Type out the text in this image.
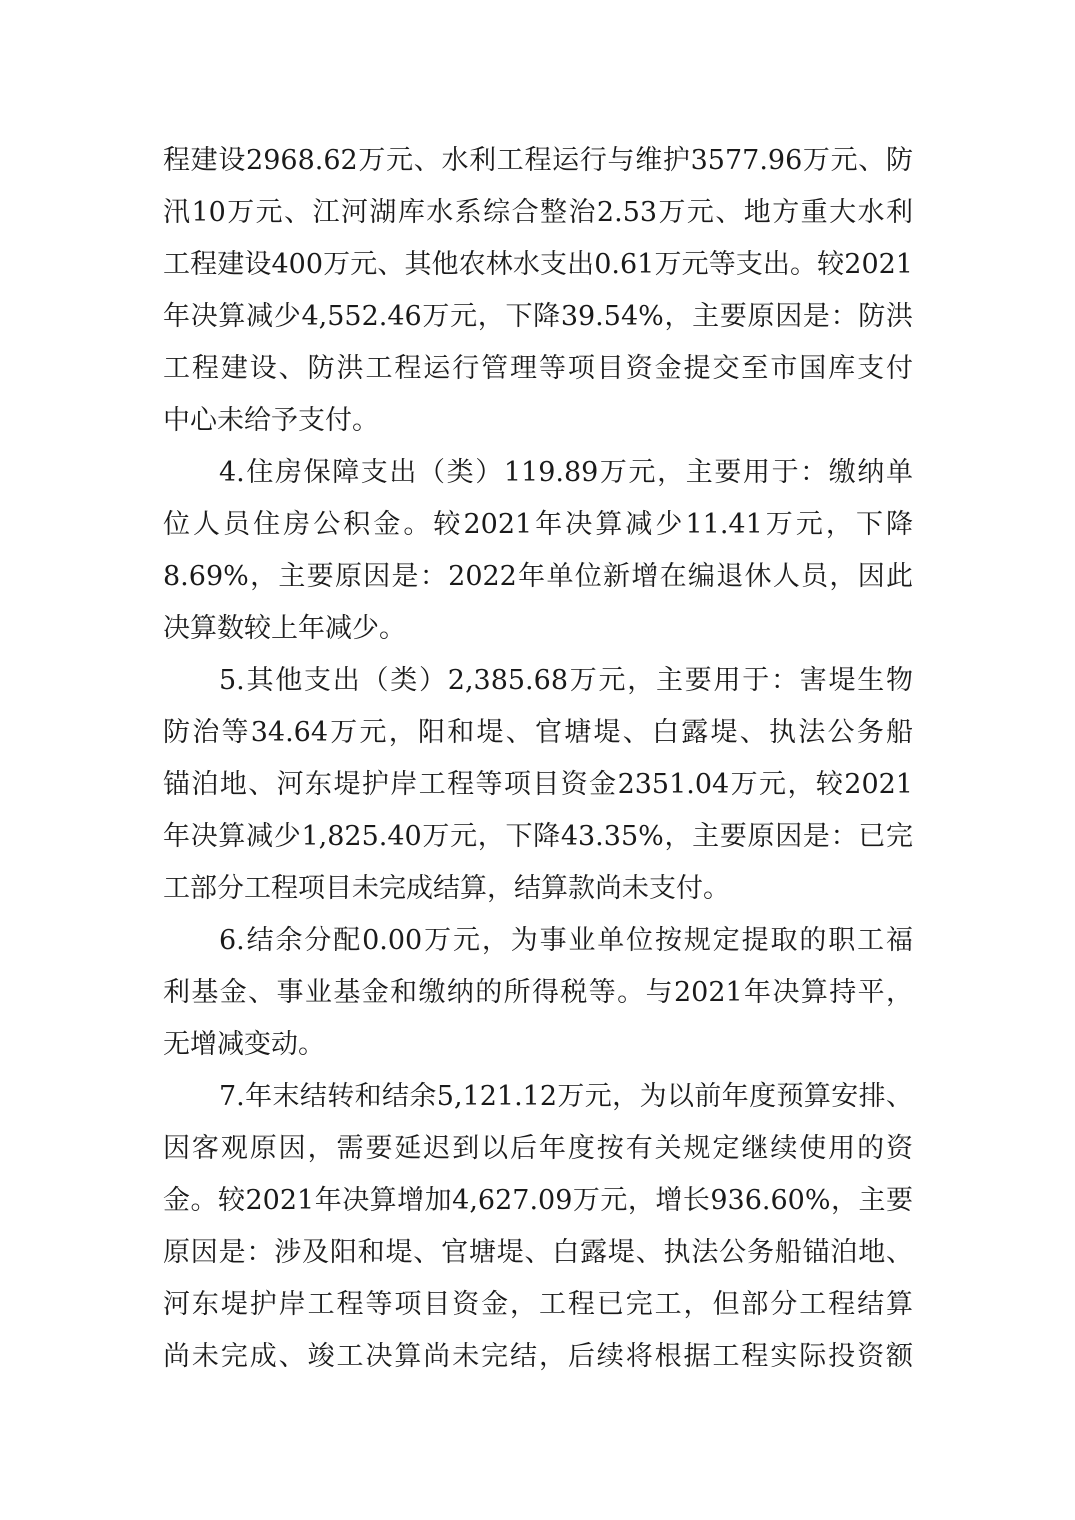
程建设2968.62万元、水利工程运行与维护3577.96万元、防
汛10万元、江河湖库水系综合整治2.53万元、地方重大水利
工程建设400万元、其他农林水支出0.61万元等支出。较2021
年决算减少4,552.46万元，下降39.54%，主要原因是：防洪
工程建设、防洪工程运行管理等项目资金提交至市国库支付
中心未给予支付。
4.住房保障支出（类）119.89万元，主要用于：缴纳单
位人员住房公积金。较2021年决算减少11.41万元，下降
8.69%，主要原因是：2022年单位新增在编退休人员，因此
决算数较上年减少。
5.其他支出（类）2,385.68万元，主要用于：害堤生物
防治等34.64万元，阳和堤、官塘堤、白露堤、执法公务船
锚泊地、河东堤护岸工程等项目资金2351.04万元，较2021
年决算减少1,825.40万元，下降43.35%，主要原因是：已完
工部分工程项目未完成结算，结算款尚未支付。
6.结余分配0.00万元，为事业单位按规定提取的职工福
利基金、事业基金和缴纳的所得税等。与2021年决算持平，
无增减变动。
7.年末结转和结余5,121.12万元，为以前年度预算安排、
因客观原因，需要延迟到以后年度按有关规定继续使用的资
金。较2021年决算增加4,627.09万元，增长936.60%，主要
原因是：涉及阳和堤、官塘堤、白露堤、执法公务船锚泊地、
河东堤护岸工程等项目资金，工程已完工，但部分工程结算
尚未完成、竣工决算尚未完结，后续将根据工程实际投资额
